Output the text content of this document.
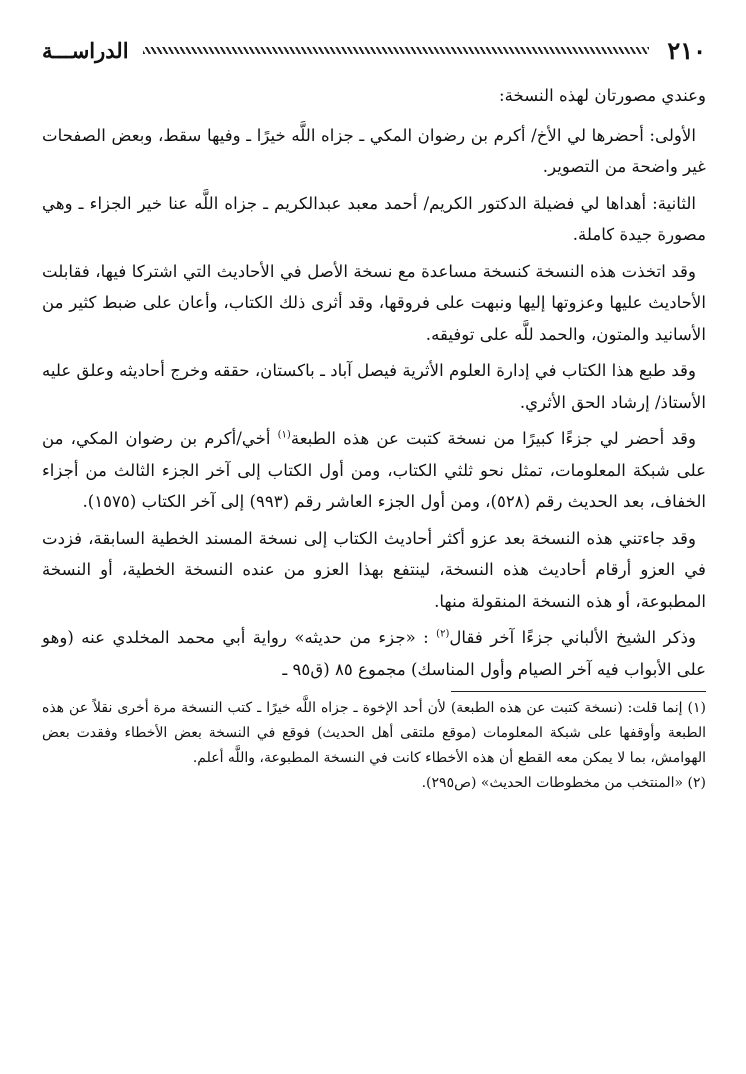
٢١٠
الدراســـة

وعندي مصورتان لهذه النسخة:

الأولى: أحضرها لي الأخ/ أكرم بن رضوان المكي ـ جزاه اللَّه خيرًا ـ وفيها سقط، وبعض الصفحات غير واضحة من التصوير.

الثانية: أهداها لي فضيلة الدكتور الكريم/ أحمد معبد عبدالكريم ـ جزاه اللَّه عنا خير الجزاء ـ وهي مصورة جيدة كاملة.

وقد اتخذت هذه النسخة كنسخة مساعدة مع نسخة الأصل في الأحاديث التي اشتركا فيها، فقابلت الأحاديث عليها وعزوتها إليها ونبهت على فروقها، وقد أثرى ذلك الكتاب، وأعان على ضبط كثير من الأسانيد والمتون، والحمد للَّه على توفيقه.

وقد طبع هذا الكتاب في إدارة العلوم الأثرية فيصل آباد ـ باكستان، حققه وخرج أحاديثه وعلق عليه الأستاذ/ إرشاد الحق الأثري.

وقد أحضر لي جزءًا كبيرًا من نسخة كتبت عن هذه الطبعة$^{(١)}$ أخي/أكرم بن رضوان المكي، من على شبكة المعلومات، تمثل نحو ثلثي الكتاب، ومن أول الكتاب إلى آخر الجزء الثالث من أجزاء الخفاف، بعد الحديث رقم (٥٢٨)، ومن أول الجزء العاشر رقم (٩٩٣) إلى آخر الكتاب (١٥٧٥).

وقد جاءتني هذه النسخة بعد عزو أكثر أحاديث الكتاب إلى نسخة المسند الخطية السابقة، فزدت في العزو أرقام أحاديث هذه النسخة، لينتفع بهذا العزو من عنده النسخة الخطية، أو النسخة المطبوعة، أو هذه النسخة المنقولة منها.

وذكر الشيخ الألباني جزءًا آخر فقال$^{(٢)}$ : «جزء من حديثه» رواية أبي محمد المخلدي عنه (وهو على الأبواب فيه آخر الصيام وأول المناسك) مجموع ٨٥ (ق٩٥ ـ

(١) إنما قلت: (نسخة كتبت عن هذه الطبعة) لأن أحد الإخوة ـ جزاه اللَّه خيرًا ـ كتب النسخة مرة أخرى نقلاً عن هذه الطبعة وأوقفها على شبكة المعلومات (موقع ملتقى أهل الحديث) فوقع في النسخة بعض الأخطاء وفقدت بعض الهوامش، بما لا يمكن معه القطع أن هذه الأخطاء كانت في النسخة المطبوعة، واللَّه أعلم.

(٢) «المنتخب من مخطوطات الحديث» (ص٢٩٥).
